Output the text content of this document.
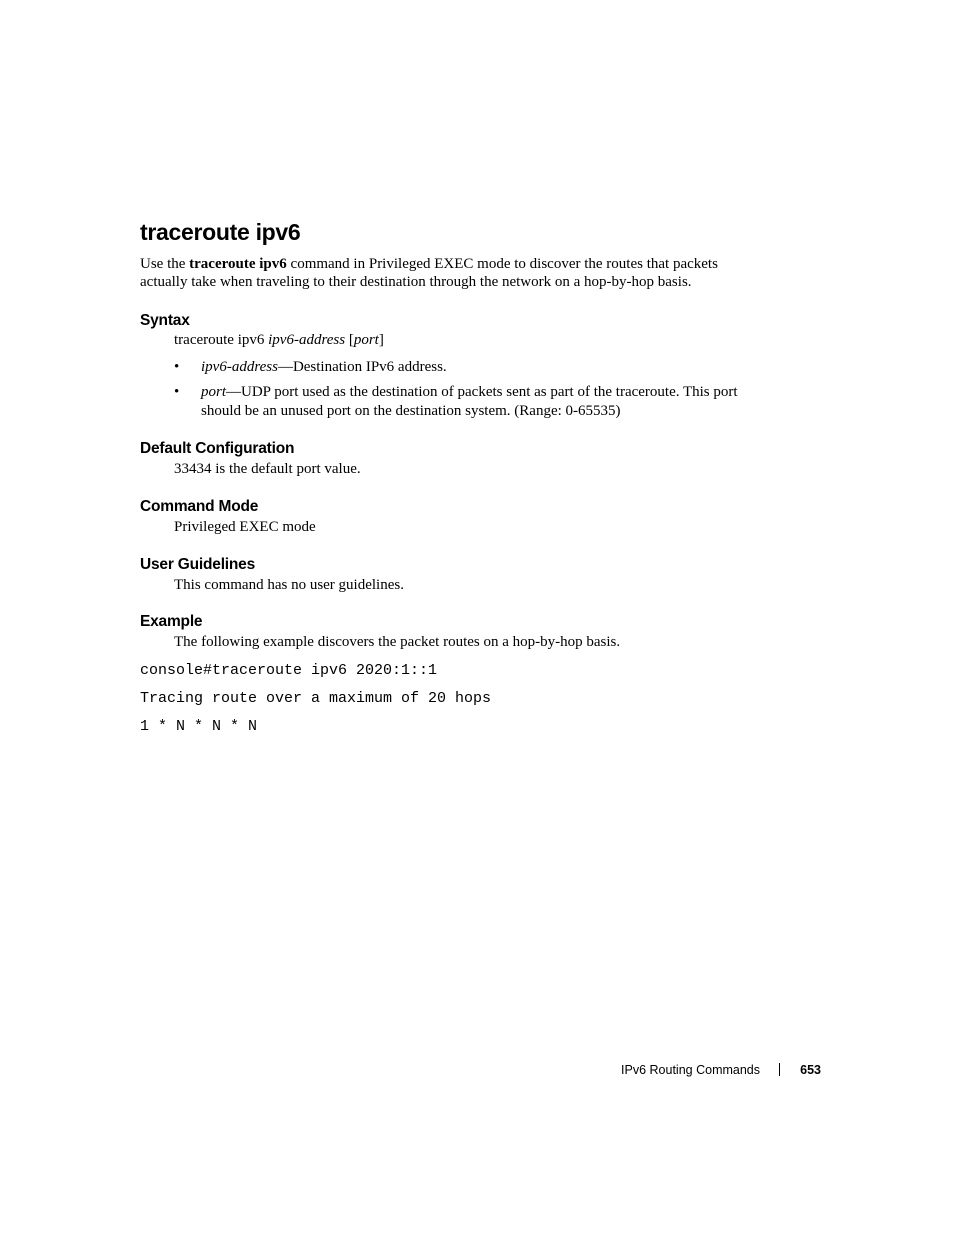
traceroute ipv6

Use the traceroute ipv6 command in Privileged EXEC mode to discover the routes that packets actually take when traveling to their destination through the network on a hop-by-hop basis.

Syntax

traceroute ipv6 ipv6-address [port]

• ipv6-address—Destination IPv6 address.
• port—UDP port used as the destination of packets sent as part of the traceroute. This port should be an unused port on the destination system. (Range: 0-65535)
Default Configuration

33434 is the default port value.

Command Mode

Privileged EXEC mode

User Guidelines

This command has no user guidelines.

Example

The following example discovers the packet routes on a hop-by-hop basis.

console#traceroute ipv6 2020:1::1

Tracing route over a maximum of 20 hops

1 * N * N * N

IPv6 Routing Commands	653
